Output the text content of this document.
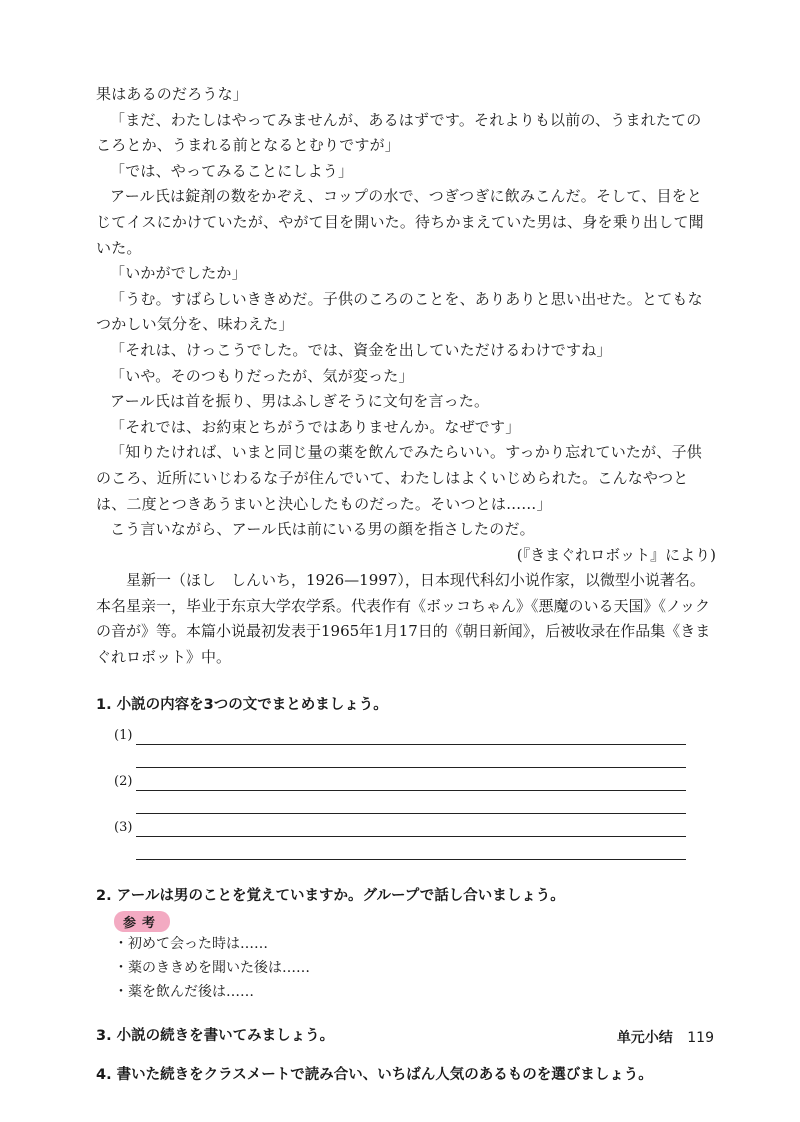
果はあるのだろうな」

「まだ、わたしはやってみませんが、あるはずです。それよりも以前の、うまれたてのころとか、うまれる前となるとむりですが」

「では、やってみることにしよう」

アール氏は錠剤の数をかぞえ、コップの水で、つぎつぎに飲みこんだ。そして、目をとじてイスにかけていたが、やがて目を開いた。待ちかまえていた男は、身を乗り出して聞いた。

「いかがでしたか」

「うむ。すばらしいききめだ。子供のころのことを、ありありと思い出せた。とてもなつかしい気分を、味わえた」

「それは、けっこうでした。では、資金を出していただけるわけですね」

「いや。そのつもりだったが、気が変った」

アール氏は首を振り、男はふしぎそうに文句を言った。

「それでは、お約束とちがうではありませんか。なぜです」

「知りたければ、いまと同じ量の薬を飲んでみたらいい。すっかり忘れていたが、子供のころ、近所にいじわるな子が住んでいて、わたしはよくいじめられた。こんなやつとは、二度とつきあうまいと決心したものだった。そいつとは……」

こう言いながら、アール氏は前にいる男の顔を指さしたのだ。

(『きまぐれロボット』により)

星新一（ほし　しんいち，1926—1997），日本现代科幻小说作家，以微型小说著名。本名星亲一，毕业于东京大学农学系。代表作有《ボッコちゃん》《悪魔のいる天国》《ノックの音が》等。本篇小说最初发表于1965年1月17日的《朝日新闻》，后被收录在作品集《きまぐれロボット》中。

1. 小説の内容を3つの文でまとめましょう。

(1)
(2)
(3)

2. アールは男のことを覚えていますか。グループで話し合いましょう。

参考
・初めて会った時は……
・薬のききめを聞いた後は……
・薬を飲んだ後は……

3. 小説の続きを書いてみましょう。

4. 書いた続きをクラスメートで読み合い、いちばん人気のあるものを選びましょう。

单元小结 119
